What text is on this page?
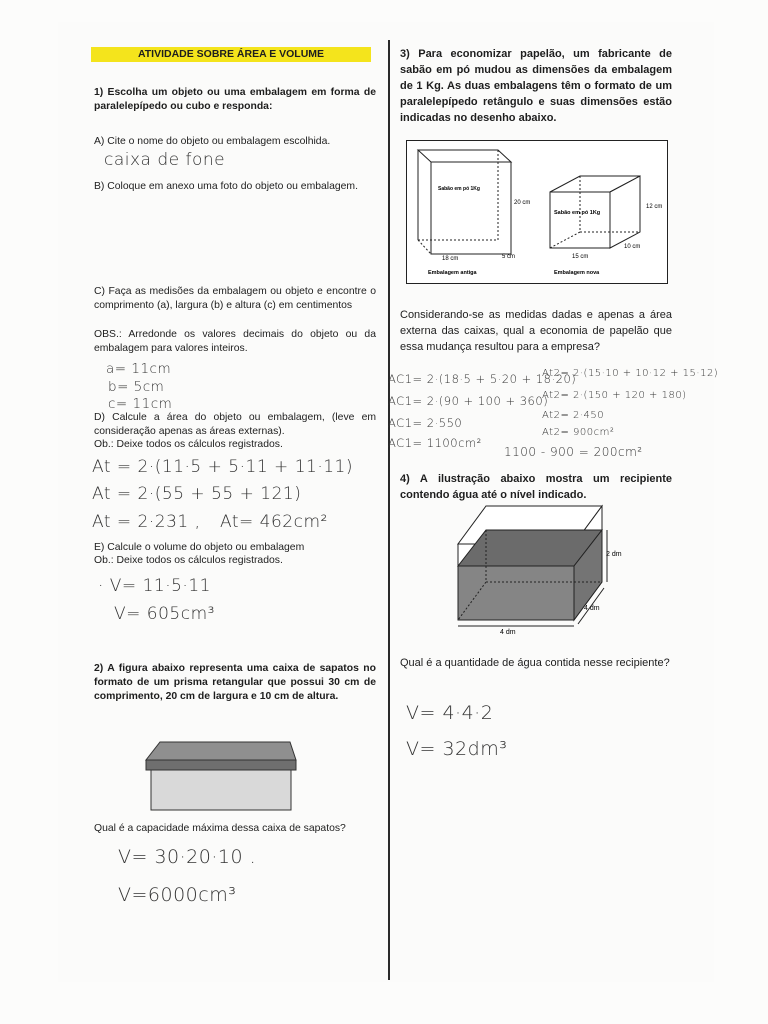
ATIVIDADE SOBRE ÁREA E VOLUME
1) Escolha um objeto ou uma embalagem em forma de paralelepípedo ou cubo e responda:
A) Cite o nome do objeto ou embalagem escolhida.
caixa de fone
B) Coloque em anexo uma foto do objeto ou embalagem.
C) Faça as medisões da embalagem ou objeto e encontre o comprimento (a), largura (b) e altura (c) em centimentos
OBS.: Arredonde os valores decimais do objeto ou da embalagem para valores inteiros.
a= 11cm
b= 5cm
c= 11cm
D) Calcule a área do objeto ou embalagem, (leve em consideração apenas as áreas externas).
Ob.: Deixe todos os cálculos registrados.
At = 2·(11·5 + 5·11 + 11·11)
At = 2·(55 + 55 + 121)
At = 2·231 , At= 462cm²
E) Calcule o volume do objeto ou embalagem
Ob.: Deixe todos os cálculos registrados.
· V= 11·5·11
V= 605cm³
2) A figura abaixo representa uma caixa de sapatos no formato de um prisma retangular que possui 30 cm de comprimento, 20 cm de largura e 10 cm de altura.
Qual é a capacidade máxima dessa caixa de sapatos?
V= 30·20·10 .
V=6000cm³
3) Para economizar papelão, um fabricante de sabão em pó mudou as dimensões da embalagem de 1 Kg. As duas embalagens têm o formato de um paralelepípedo retângulo e suas dimensões estão indicadas no desenho abaixo.
Sabão em pó 1Kg
20 cm
18 cm	5 cm
Embalagem antiga
Sabão em pó 1Kg
12 cm
15 cm
10 cm
Embalagem nova
Considerando-se as medidas dadas e apenas a área externa das caixas, qual a economia de papelão que essa mudança resultou para a empresa?
AC1= 2·(18·5 + 5·20 + 18·20)
AC1= 2·(90 + 100 + 360)
AC1= 2·550
AC1= 1100cm²
At2= 2·(15·10 + 10·12 + 15·12)
At2= 2·(150 + 120 + 180)
At2= 2·450
At2= 900cm²
1100 - 900 = 200cm²
4) A ilustração abaixo mostra um recipiente contendo água até o nível indicado.
2 dm
4 dm
4 dm
Qual é a quantidade de água contida nesse recipiente?
V= 4·4·2
V= 32dm³
